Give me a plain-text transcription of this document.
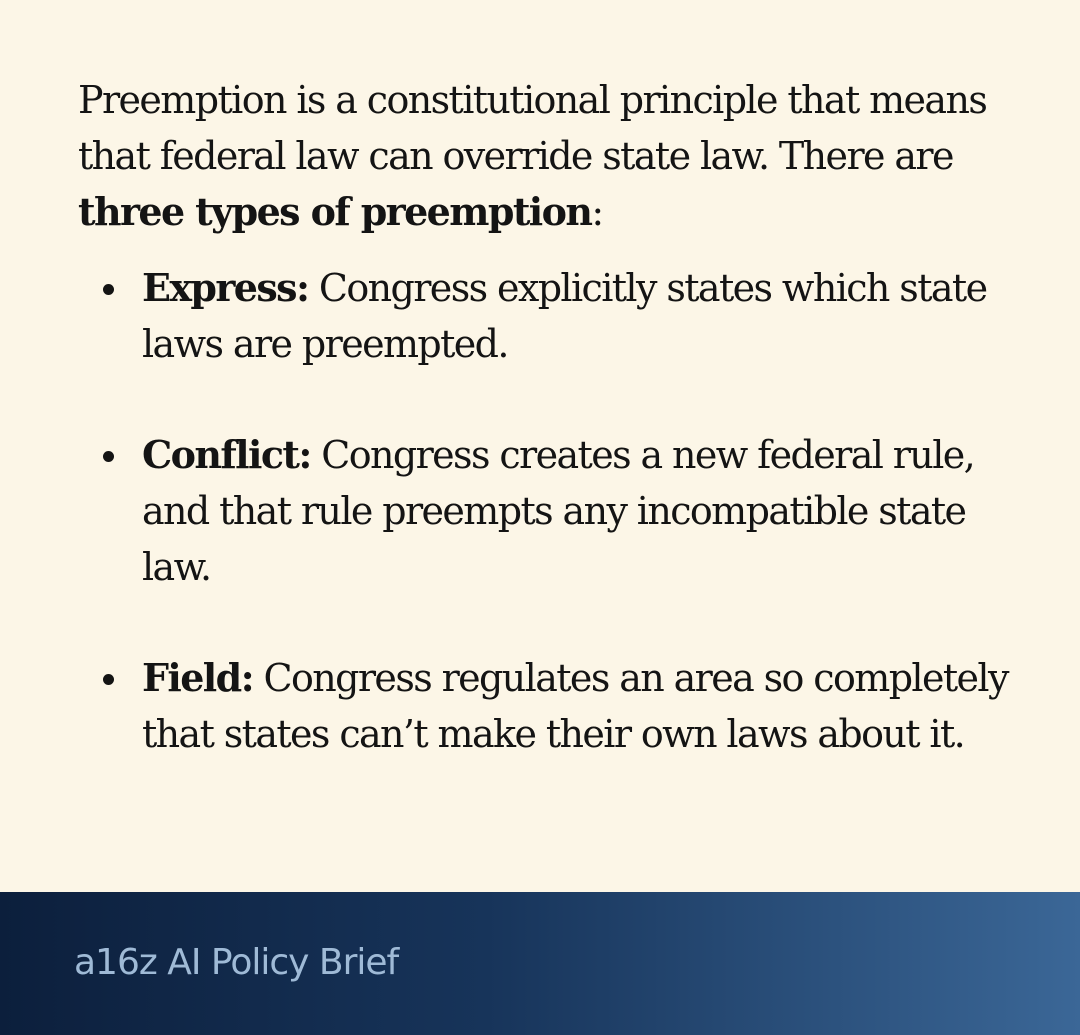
Preemption is a constitutional principle that means that federal law can override state law. There are three types of preemption:

Express: Congress explicitly states which state laws are preempted.
Conflict: Congress creates a new federal rule, and that rule preempts any incompatible state law.
Field: Congress regulates an area so completely that states can’t make their own laws about it.
a16z AI Policy Brief
